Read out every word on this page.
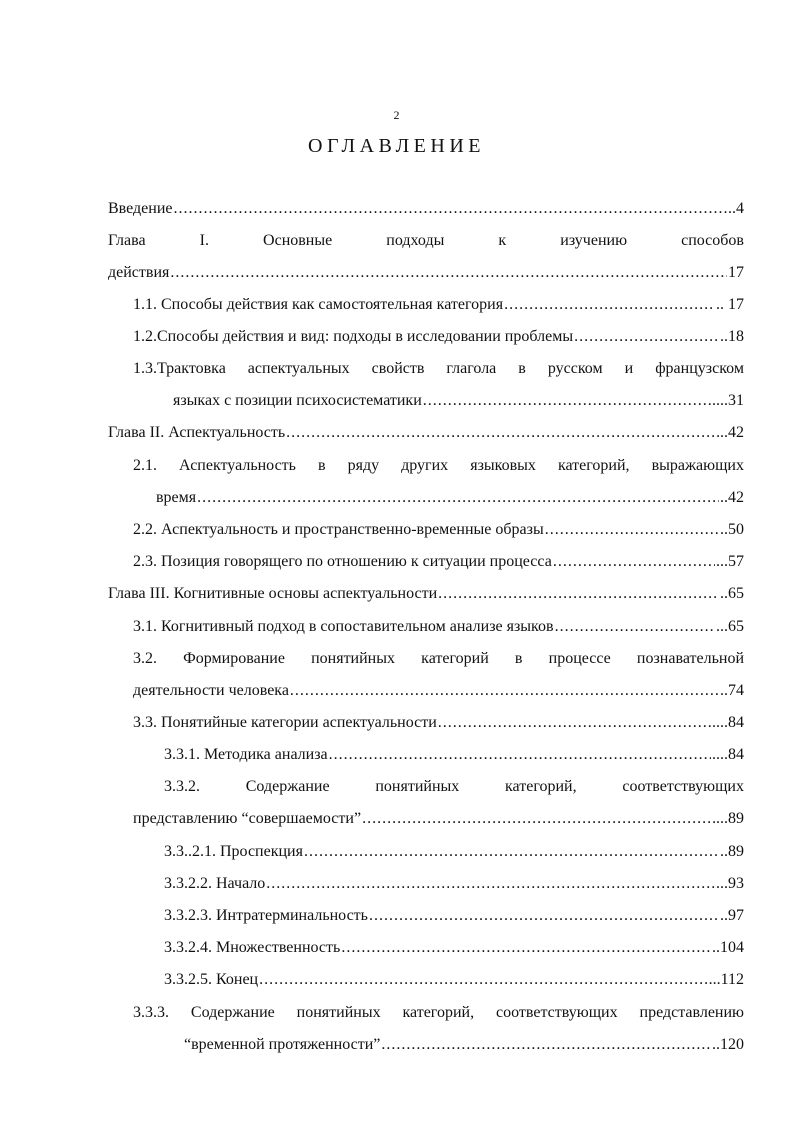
2
ОГЛАВЛЕНИЕ
Введение .....	..4
Глава	I.	Основные	подходы	к	изучению	способов
действия .....	17
1.1. Способы действия как самостоятельная категория .....	.. 17
1.2.Способы действия и вид: подходы в исследовании проблемы .....	..18
1.3.Трактовка аспектуальных свойств глагола в русском и французском
языках с позиции психосистематики .....	....31
Глава II. Аспектуальность .....	..42
2.1. Аспектуальность в ряду других языковых категорий, выражающих
время .....	..42
2.2. Аспектуальность и пространственно-временные образы .....	..50
2.3. Позиция говорящего по отношению к ситуации процесса .....	...57
Глава III. Когнитивные основы аспектуальности .....	..65
3.1. Когнитивный подход в сопоставительном анализе языков .....	...65
3.2. Формирование понятийных категорий в процессе познавательной
деятельности человека .....	..74
3.3. Понятийные категории аспектуальности .....	....84
3.3.1. Методика анализа .....	....84
3.3.2.	Содержание	понятийных	категорий,	соответствующих
представлению “совершаемости” .....	...89
3.3..2.1. Проспекция .....	..89
3.3.2.2. Начало .....	...93
3.3.2.3. Интратерминальность .....	..97
3.3.2.4. Множественность .....	..104
3.3.2.5. Конец .....	...112
3.3.3. Содержание понятийных категорий, соответствующих представлению
“временной протяженности” .....	..120
